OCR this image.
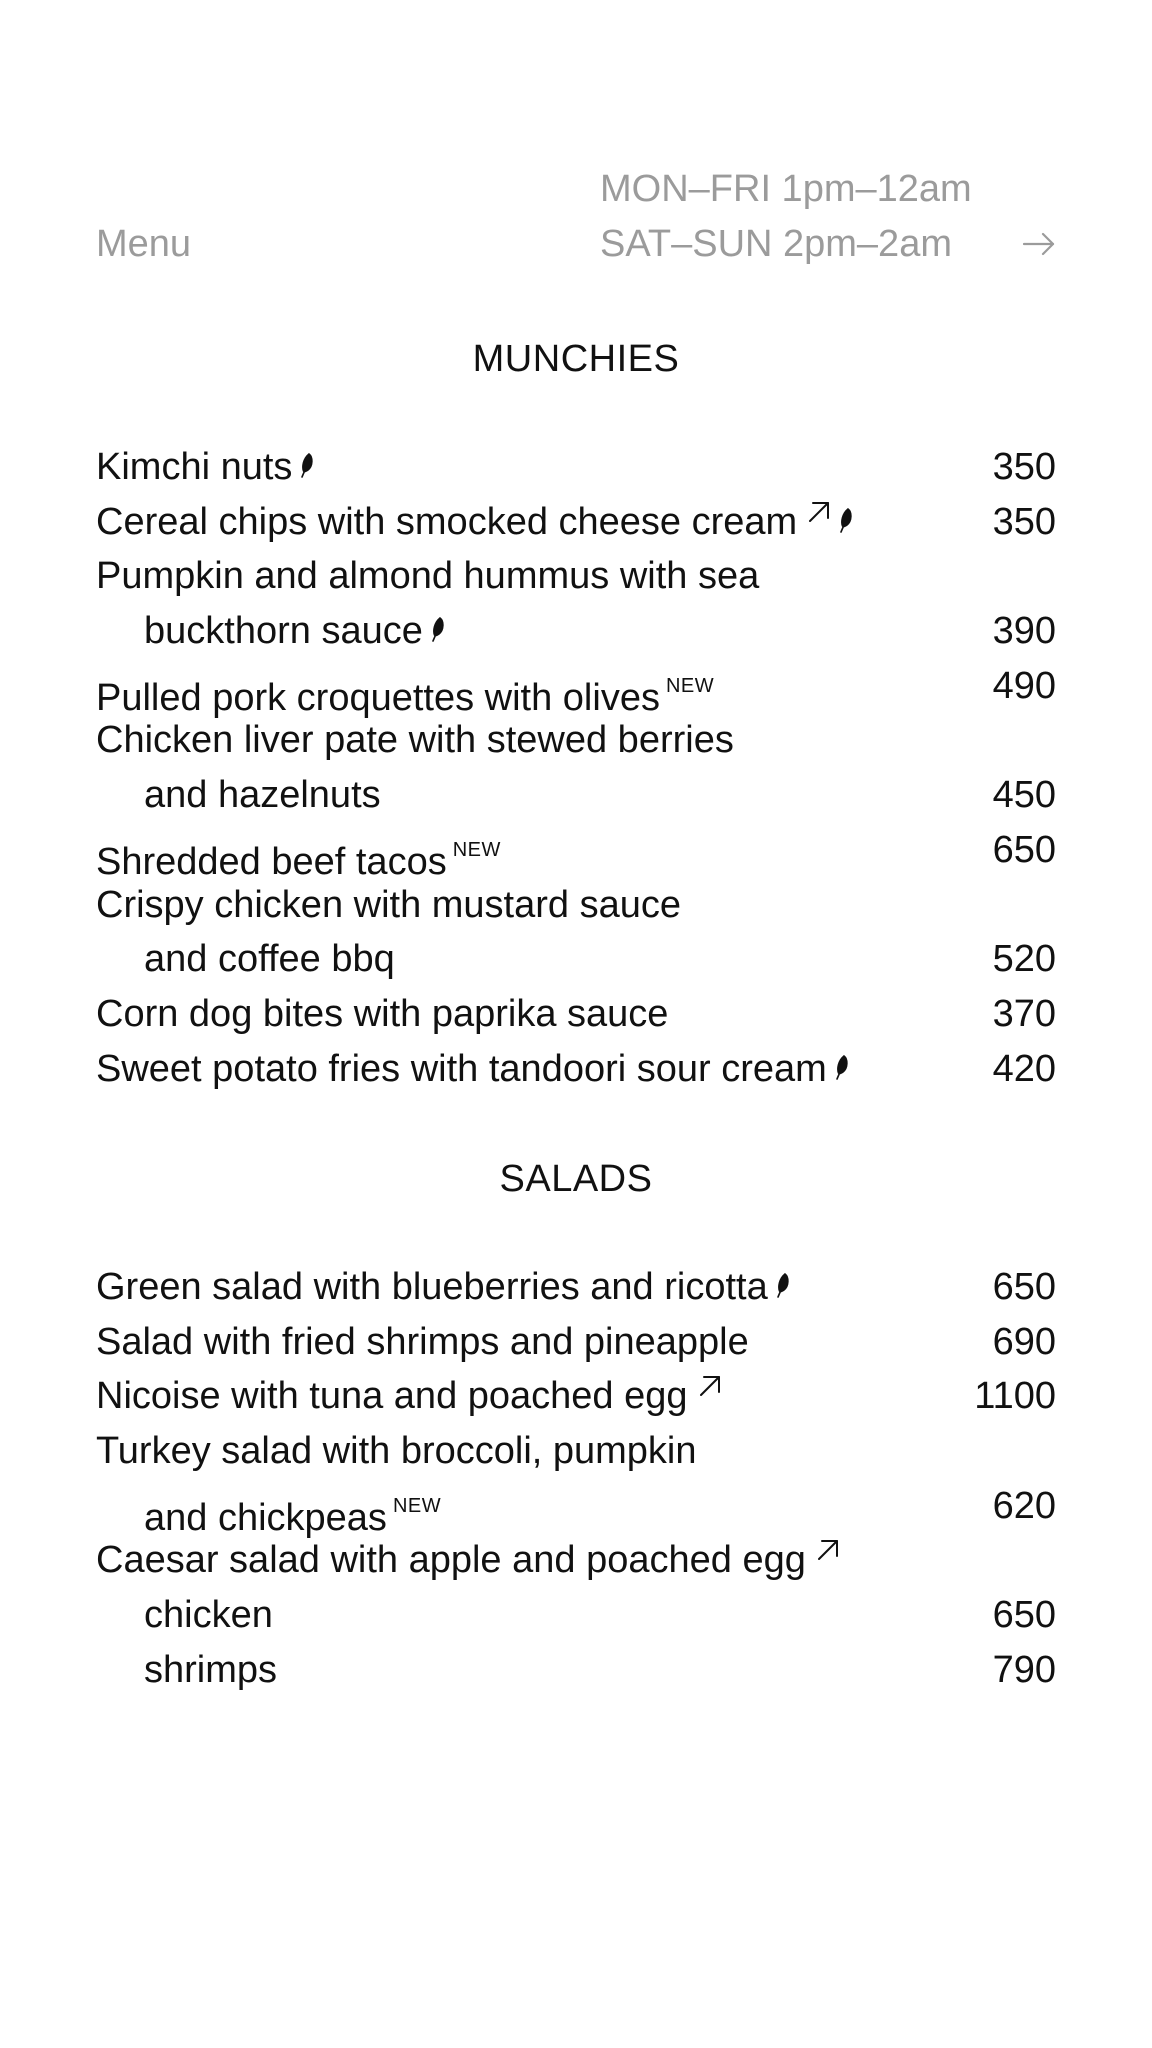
Menu
MON–FRI 1pm–12am
SAT–SUN 2pm–2am
MUNCHIES
Kimchi nuts	350
Cereal chips with smocked cheese cream	350
Pumpkin and almond hummus with sea
buckthorn sauce	390
Pulled pork croquettes with olives $^{NEW}$	490
Chicken liver pate with stewed berries
and hazelnuts	450
Shredded beef tacos $^{NEW}$	650
Crispy chicken with mustard sauce
and coffee bbq	520
Corn dog bites with paprika sauce	370
Sweet potato fries with tandoori sour cream	420
SALADS
Green salad with blueberries and ricotta	650
Salad with fried shrimps and pineapple	690
Nicoise with tuna and poached egg	1100
Turkey salad with broccoli, pumpkin
and chickpeas $^{NEW}$	620
Caesar salad with apple and poached egg
chicken	650
shrimps	790
